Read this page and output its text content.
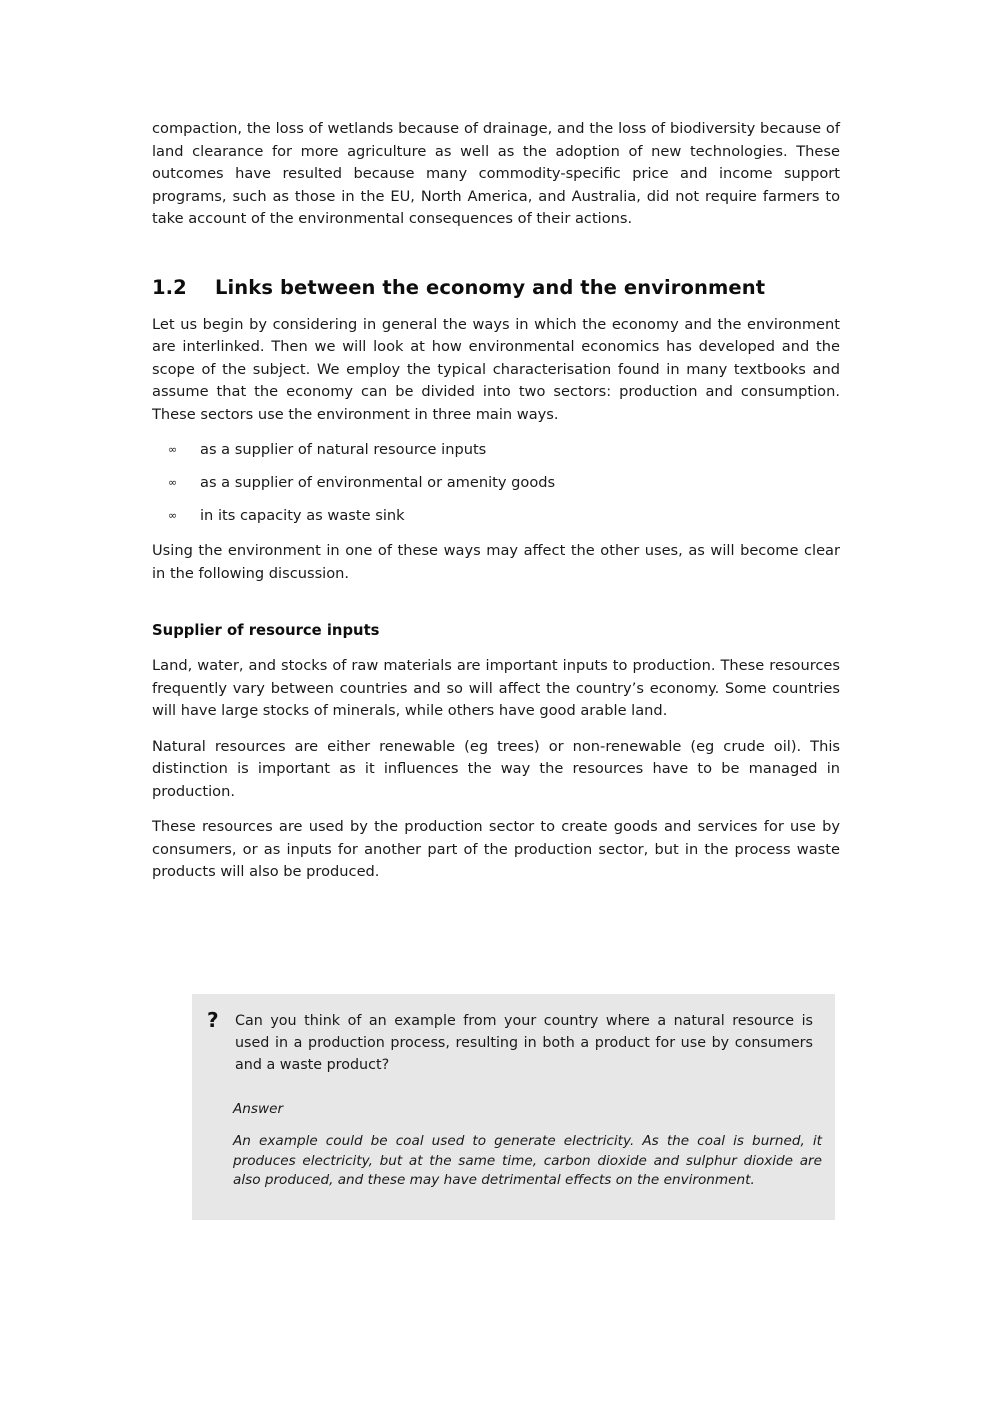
compaction, the loss of wetlands because of drainage, and the loss of biodiversity because of land clearance for more agriculture as well as the adoption of new technologies. These outcomes have resulted because many commodity-specific price and income support programs, such as those in the EU, North America, and Australia, did not require farmers to take account of the environmental consequences of their actions.

1.2 Links between the economy and the environment

Let us begin by considering in general the ways in which the economy and the environment are interlinked. Then we will look at how environmental economics has developed and the scope of the subject. We employ the typical characterisation found in many textbooks and assume that the economy can be divided into two sectors: production and consumption. These sectors use the environment in three main ways.

∞ as a supplier of natural resource inputs
∞ as a supplier of environmental or amenity goods
∞ in its capacity as waste sink

Using the environment in one of these ways may affect the other uses, as will become clear in the following discussion.

Supplier of resource inputs

Land, water, and stocks of raw materials are important inputs to production. These resources frequently vary between countries and so will affect the country’s economy. Some countries will have large stocks of minerals, while others have good arable land.

Natural resources are either renewable (eg trees) or non-renewable (eg crude oil). This distinction is important as it influences the way the resources have to be managed in production.

These resources are used by the production sector to create goods and services for use by consumers, or as inputs for another part of the production sector, but in the process waste products will also be produced.

?	Can you think of an example from your country where a natural resource is used in a production process, resulting in both a product for use by consumers and a waste product?
Answer
An example could be coal used to generate electricity. As the coal is burned, it produces electricity, but at the same time, carbon dioxide and sulphur dioxide are also produced, and these may have detrimental effects on the environment.
